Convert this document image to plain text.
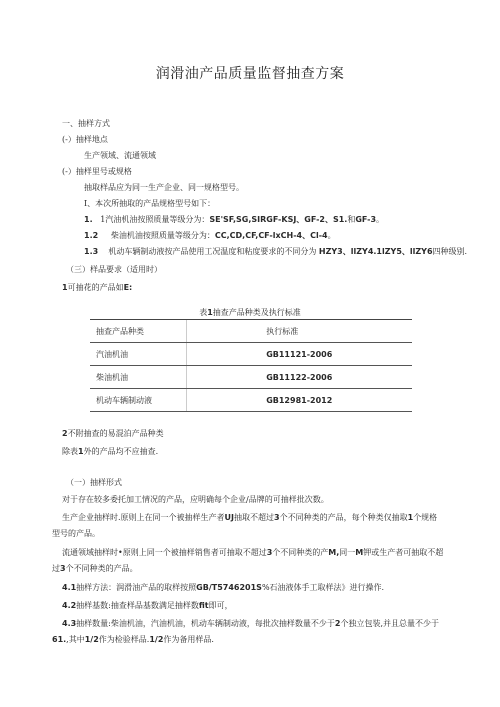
润滑油产品质量监督抽查方案
一、抽样方式
(-）抽样地点
生产领域、流通领域
(-）抽样里号或规格
抽取样品应为同一生产企业、同一规格型号。
I、本次所抽取的产品规格型号如下：
1. 1汽油机油按照质量等级分为：SE'SF,SG,SIRGF-KSJ、GF-2、S1.和GF-3。
1.2 柴油机油按照质量等级分为：CC,CD,CF,CF-lxCH-4、Cl-4。
1.3 机动车辆制动液按产品使用工况温度和粘度要求的不同分为 HZY3、llZY4.1lZY5、llZY6四种级别.
（三）样品要求（适用时）
1可抽花的产品如E:
表1抽查产品种类及执行标准
抽查产品种类	执行标准
汽油机油	GB11121-2006
柴油机油	GB11122-2006
机动车辆制动液	GB12981-2012
2不附抽查的易混泊产品种类
除表1外的产品均不应抽查.
（一）抽样形式
对于存在较多委托加工情况的产品，应明确每个企业/品牌的可抽样批次数。
生产企业抽样时.原则上在同一个被抽样生产者UJ抽取不超过3个不同种类的产品，每个种类仅抽取1个规格
型号的产品。
流通领域抽样时•原则上同一个被抽样销售者可抽取不超过3个不同种类的产M,同一M钾或生产者可抽取不超
过3个不同种类的产品。
4.1抽样方法：润滑油产品的取样按照GB/T5746201S%石油液体手工取样法》进行操作.
4.2抽样基数:抽查样品基数满足抽样数fit即可，
4.3抽样数量:柴油机油，汽油机油，机动车辆制动液，每批次抽样数量不少于2个独立包装,并且总量不少于
61.,其中1/2作为检验样品.1/2作为备用样品.
